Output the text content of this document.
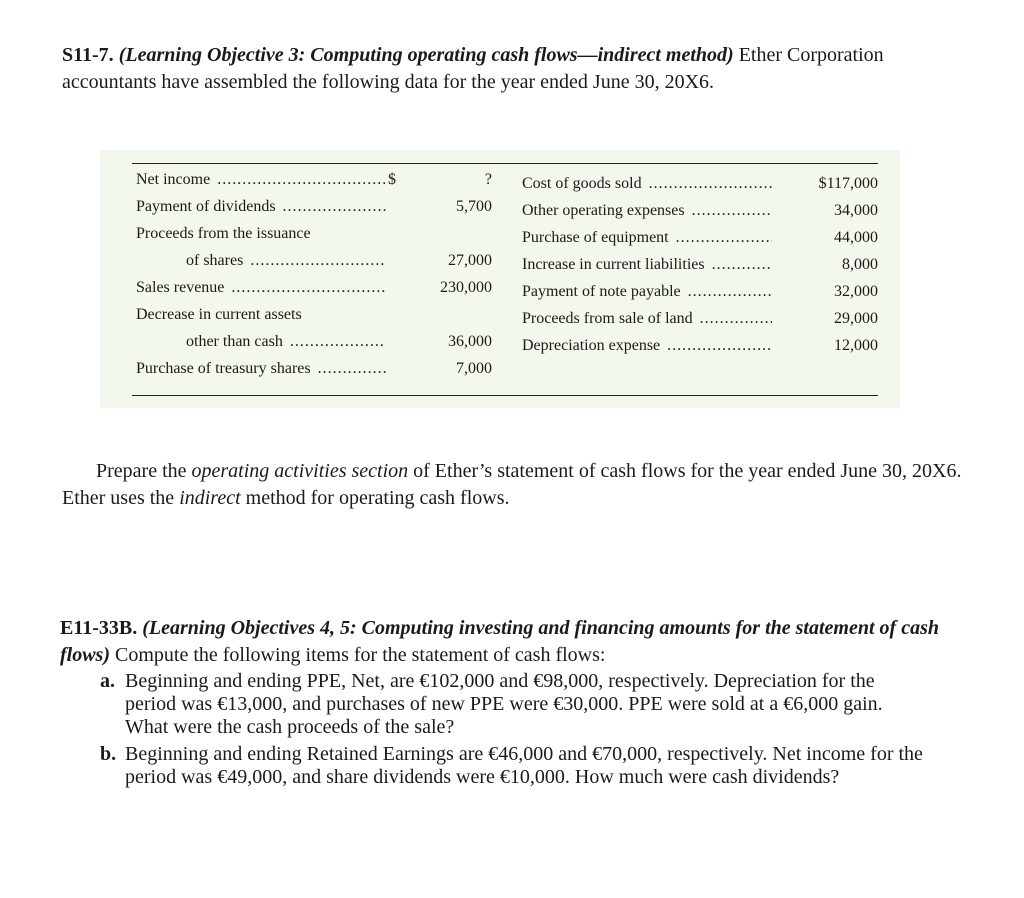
S11-7. (Learning Objective 3: Computing operating cash flows—indirect method) Ether Corporation accountants have assembled the following data for the year ended June 30, 20X6.

Net income .....	$	?
Payment of dividends .....	5,700
Proceeds from the issuance
of shares .....	27,000
Sales revenue .....	230,000
Decrease in current assets
other than cash .....	36,000
Purchase of treasury shares .....	7,000
Cost of goods sold .....	$117,000
Other operating expenses .....	34,000
Purchase of equipment .....	44,000
Increase in current liabilities .....	8,000
Payment of note payable .....	32,000
Proceeds from sale of land .....	29,000
Depreciation expense .....	12,000

Prepare the operating activities section of Ether’s statement of cash flows for the year ended June 30, 20X6. Ether uses the indirect method for operating cash flows.

E11-33B. (Learning Objectives 4, 5: Computing investing and financing amounts for the statement of cash flows) Compute the following items for the statement of cash flows:

a. Beginning and ending PPE, Net, are €102,000 and €98,000, respectively. Depreciation for the period was €13,000, and purchases of new PPE were €30,000. PPE were sold at a €6,000 gain. What were the cash proceeds of the sale?
b. Beginning and ending Retained Earnings are €46,000 and €70,000, respectively. Net income for the period was €49,000, and share dividends were €10,000. How much were cash dividends?
